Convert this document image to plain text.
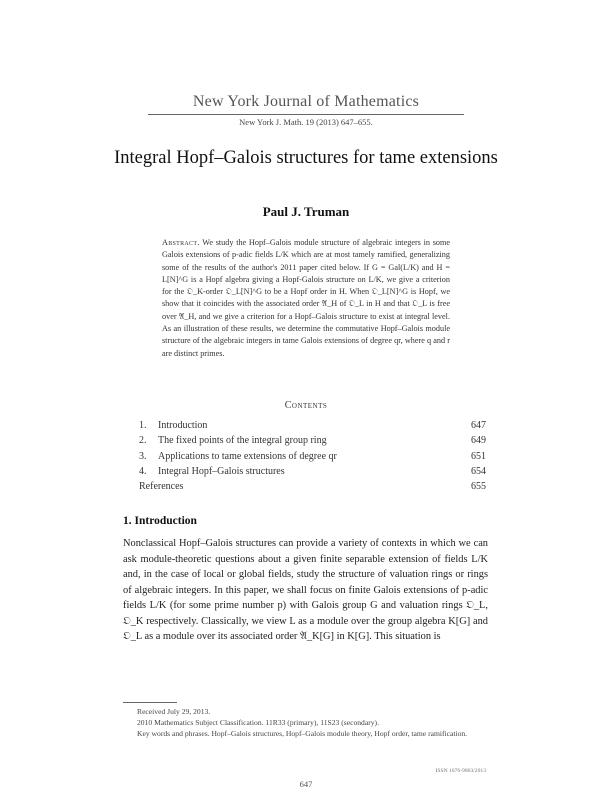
New York Journal of Mathematics
New York J. Math. 19 (2013) 647–655.
Integral Hopf–Galois structures for tame extensions
Paul J. Truman
Abstract. We study the Hopf–Galois module structure of algebraic integers in some Galois extensions of p-adic fields L/K which are at most tamely ramified, generalizing some of the results of the author's 2011 paper cited below. If G = Gal(L/K) and H = L[N]^G is a Hopf algebra giving a Hopf-Galois structure on L/K, we give a criterion for the 𝔒_K-order 𝔒_L[N]^G to be a Hopf order in H. When 𝔒_L[N]^G is Hopf, we show that it coincides with the associated order 𝔄_H of 𝔒_L in H and that 𝔒_L is free over 𝔄_H, and we give a criterion for a Hopf–Galois structure to exist at integral level. As an illustration of these results, we determine the commutative Hopf–Galois module structure of the algebraic integers in tame Galois extensions of degree qr, where q and r are distinct primes.
Contents
1. Introduction	647
2. The fixed points of the integral group ring	649
3. Applications to tame extensions of degree qr	651
4. Integral Hopf–Galois structures	654
References	655
1. Introduction
Nonclassical Hopf–Galois structures can provide a variety of contexts in which we can ask module-theoretic questions about a given finite separable extension of fields L/K and, in the case of local or global fields, study the structure of valuation rings or rings of algebraic integers. In this paper, we shall focus on finite Galois extensions of p-adic fields L/K (for some prime number p) with Galois group G and valuation rings 𝔒_L, 𝔒_K respectively. Classically, we view L as a module over the group algebra K[G] and 𝔒_L as a module over its associated order 𝔄_K[G] in K[G]. This situation is
Received July 29, 2013.
2010 Mathematics Subject Classification. 11R33 (primary), 11S23 (secondary).
Key words and phrases. Hopf–Galois structures, Hopf–Galois module theory, Hopf order, tame ramification.
ISSN 1076-9803/2013
647
